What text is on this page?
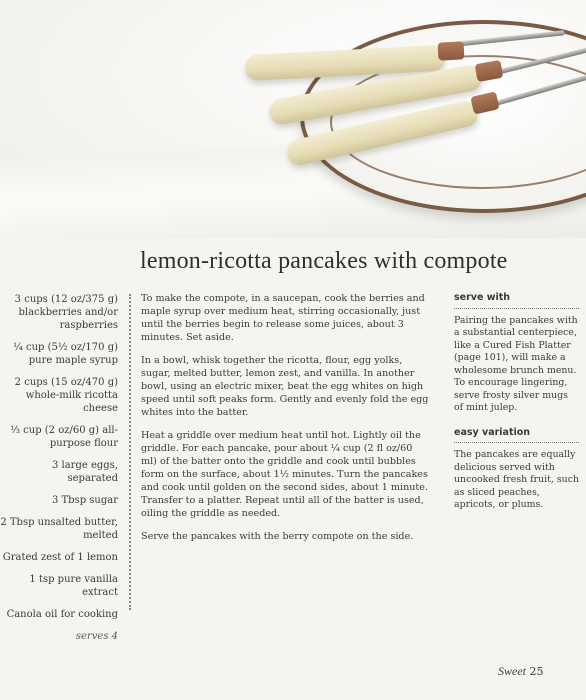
lemon-ricotta pancakes with compote
3 cups (12 oz/375 g) blackberries and/or raspberries
¼ cup (5½ oz/170 g) pure maple syrup
2 cups (15 oz/470 g) whole-milk ricotta cheese
⅓ cup (2 oz/60 g) all-purpose flour
3 large eggs, separated
3 Tbsp sugar
2 Tbsp unsalted butter, melted
Grated zest of 1 lemon
1 tsp pure vanilla extract
Canola oil for cooking
serves 4

To make the compote, in a saucepan, cook the berries and maple syrup over medium heat, stirring occasionally, just until the berries begin to release some juices, about 3 minutes. Set aside.

In a bowl, whisk together the ricotta, flour, egg yolks, sugar, melted butter, lemon zest, and vanilla. In another bowl, using an electric mixer, beat the egg whites on high speed until soft peaks form. Gently and evenly fold the egg whites into the batter.

Heat a griddle over medium heat until hot. Lightly oil the griddle. For each pancake, pour about ¼ cup (2 fl oz/60 ml) of the batter onto the griddle and cook until bubbles form on the surface, about 1½ minutes. Turn the pancakes and cook until golden on the second sides, about 1 minute. Transfer to a platter. Repeat until all of the batter is used, oiling the griddle as needed.

Serve the pancakes with the berry compote on the side.

serve with

Pairing the pancakes with a substantial centerpiece, like a Cured Fish Platter (page 101), will make a wholesome brunch menu. To encourage lingering, serve frosty silver mugs of mint julep.

easy variation

The pancakes are equally delicious served with uncooked fresh fruit, such as sliced peaches, apricots, or plums.

Sweet 25
